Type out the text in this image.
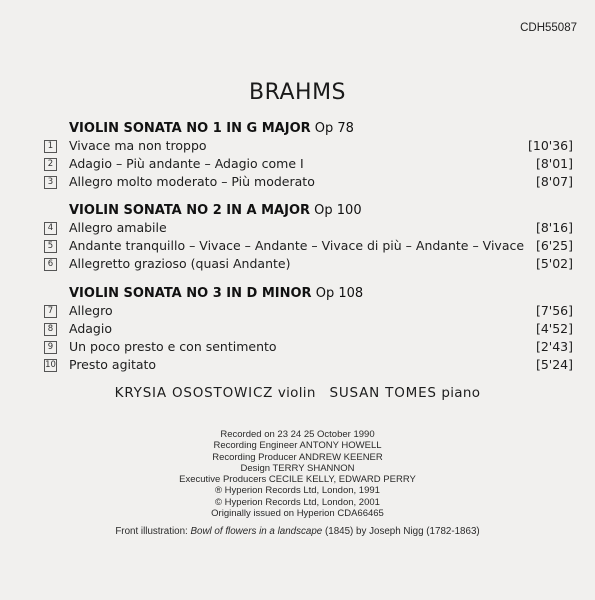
CDH55087
BRAHMS
VIOLIN SONATA NO 1 IN G MAJOR Op 78
1	Vivace ma non troppo	[10'36]
2	Adagio – Più andante – Adagio come I	[8'01]
3	Allegro molto moderato – Più moderato	[8'07]
VIOLIN SONATA NO 2 IN A MAJOR Op 100
4	Allegro amabile	[8'16]
5	Andante tranquillo – Vivace – Andante – Vivace di più – Andante – Vivace [6'25]
6	Allegretto grazioso (quasi Andante)	[5'02]
VIOLIN SONATA NO 3 IN D MINOR Op 108
7	Allegro	[7'56]
8	Adagio	[4'52]
9	Un poco presto e con sentimento	[2'43]
10 Presto agitato	[5'24]
KRYSIA OSOSTOWICZ violin SUSAN TOMES piano
Recorded on 23 24 25 October 1990
Recording Engineer ANTONY HOWELL
Recording Producer ANDREW KEENER
Design TERRY SHANNON
Executive Producers CECILE KELLY, EDWARD PERRY
® Hyperion Records Ltd, London, 1991
© Hyperion Records Ltd, London, 2001
Originally issued on Hyperion CDA66465
Front illustration: Bowl of flowers in a landscape (1845) by Joseph Nigg (1782-1863)
